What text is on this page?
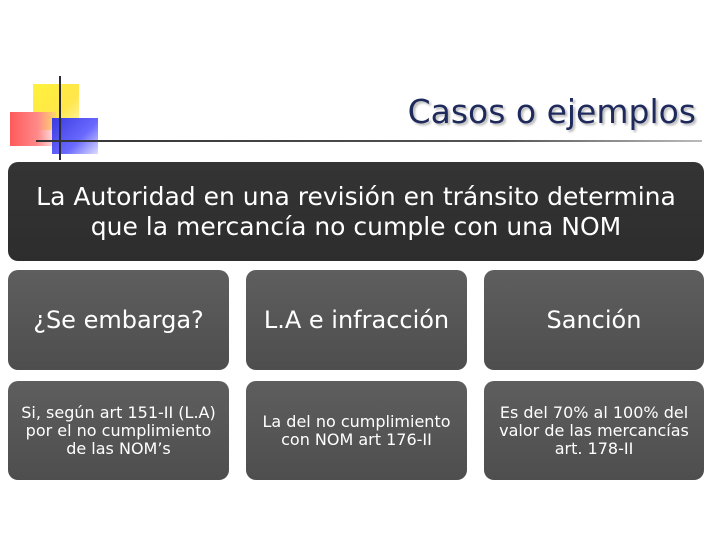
Casos o ejemplos
La Autoridad en una revisión en tránsito determina que la mercancía no cumple con una NOM
¿Se embarga?	L.A e infracción	Sanción
Si, según art 151-II (L.A) por el no cumplimiento de las NOM’s
La del no cumplimiento con NOM art 176-II
Es del 70% al 100% del valor de las mercancías art. 178-II
